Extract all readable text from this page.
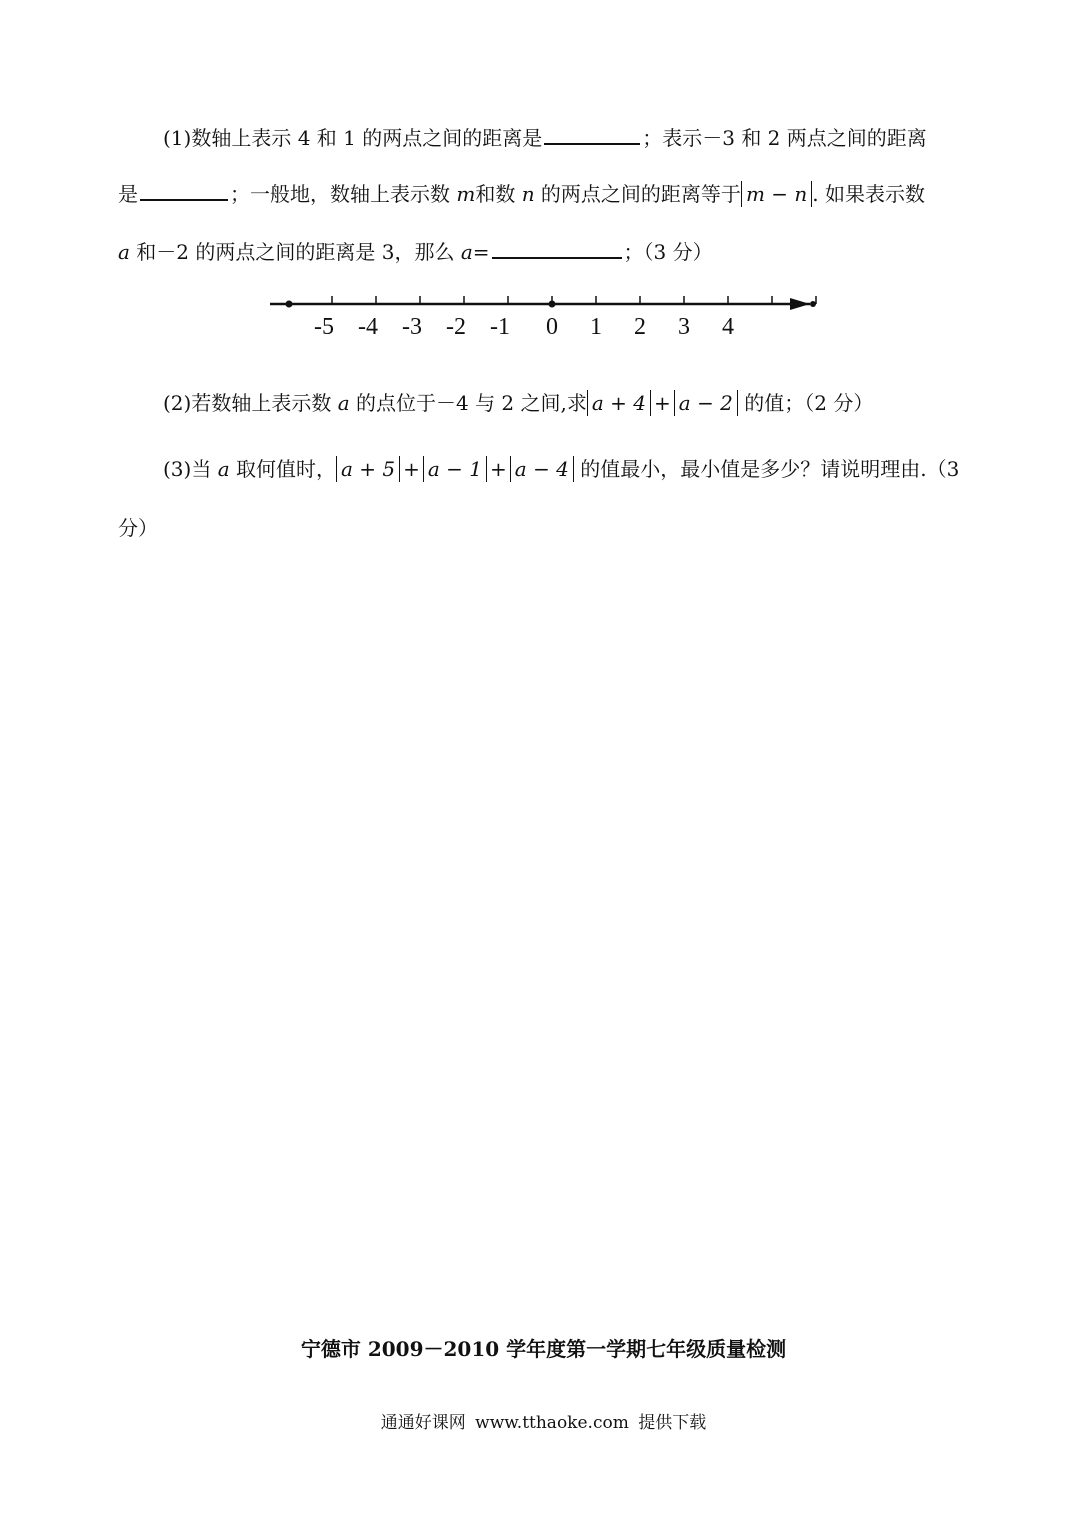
(1)数轴上表示 4 和 1 的两点之间的距离是	；表示－3 和 2 两点之间的距离
是	；一般地，数轴上表示数 m和数 n 的两点之间的距离等于 m − n . 如果表示数
a 和－2 的两点之间的距离是 3，那么 a=	；（3 分）
-5 -4 -3 -2 -1 0 1 2 3 4
(2)若数轴上表示数 a 的点位于－4 与 2 之间,求 a + 4 + a − 2 的值；（2 分）
(3)当 a 取何值时， a + 5 + a − 1 + a − 4 的值最小，最小值是多少？请说明理由.（3
分）
宁德市 2009－2010 学年度第一学期七年级质量检测
通通好课网 www.tthaoke.com 提供下载
